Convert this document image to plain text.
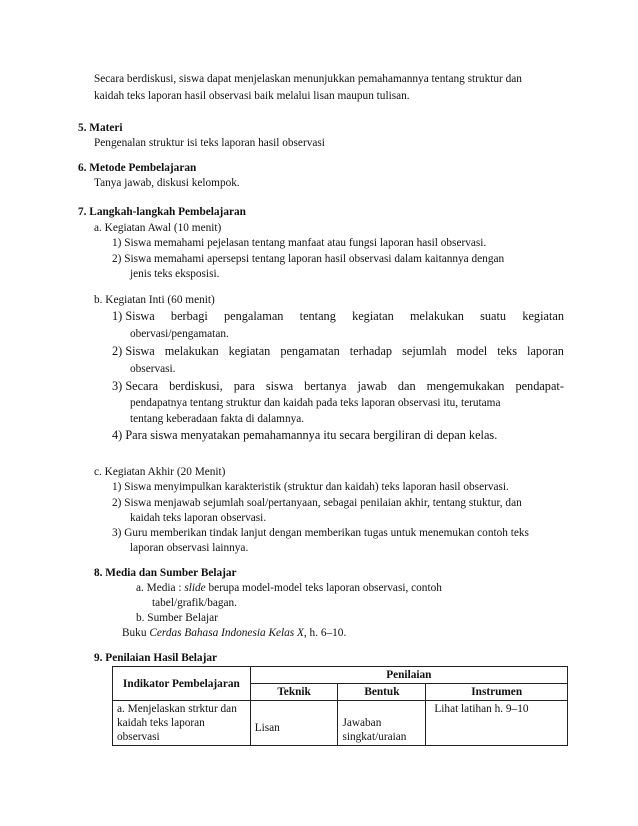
Secara berdiskusi, siswa dapat menjelaskan menunjukkan pemahamannya tentang struktur dan
kaidah teks laporan hasil observasi baik melalui lisan maupun tulisan.
5. Materi
Pengenalan struktur isi teks laporan hasil observasi
6. Metode Pembelajaran
Tanya jawab, diskusi kelompok.
7. Langkah-langkah Pembelajaran
a. Kegiatan Awal (10 menit)
1) Siswa memahami pejelasan tentang manfaat atau fungsi laporan hasil observasi.
2) Siswa memahami apersepsi tentang laporan hasil observasi dalam kaitannya dengan
jenis teks eksposisi.
b. Kegiatan Inti (60 menit)
1) Siswa berbagi pengalaman tentang kegiatan melakukan suatu kegiatan
obervasi/pengamatan.
2) Siswa melakukan kegiatan pengamatan terhadap sejumlah model teks laporan
observasi.
3) Secara berdiskusi, para siswa bertanya jawab dan mengemukakan pendapat-
pendapatnya tentang struktur dan kaidah pada teks laporan observasi itu, terutama
tentang keberadaan fakta di dalamnya.
4) Para siswa menyatakan pemahamannya itu secara bergiliran di depan kelas.
c. Kegiatan Akhir (20 Menit)
1) Siswa menyimpulkan karakteristik (struktur dan kaidah) teks laporan hasil observasi.
2) Siswa menjawab sejumlah soal/pertanyaan, sebagai penilaian akhir, tentang stuktur, dan
kaidah teks laporan observasi.
3) Guru memberikan tindak lanjut dengan memberikan tugas untuk menemukan contoh teks
laporan observasi lainnya.
8. Media dan Sumber Belajar
a. Media : slide berupa model-model teks laporan observasi, contoh
tabel/grafik/bagan.
b. Sumber Belajar
Buku Cerdas Bahasa Indonesia Kelas X, h. 6–10.
9. Penilaian Hasil Belajar
Indikator Pembelajaran	Penilaian		
	Teknik	Bentuk	Instrumen
a. Menjelaskan strktur dan kaidah teks laporan observasi	Lisan	Jawaban singkat/uraian	Lihat latihan h. 9–10
